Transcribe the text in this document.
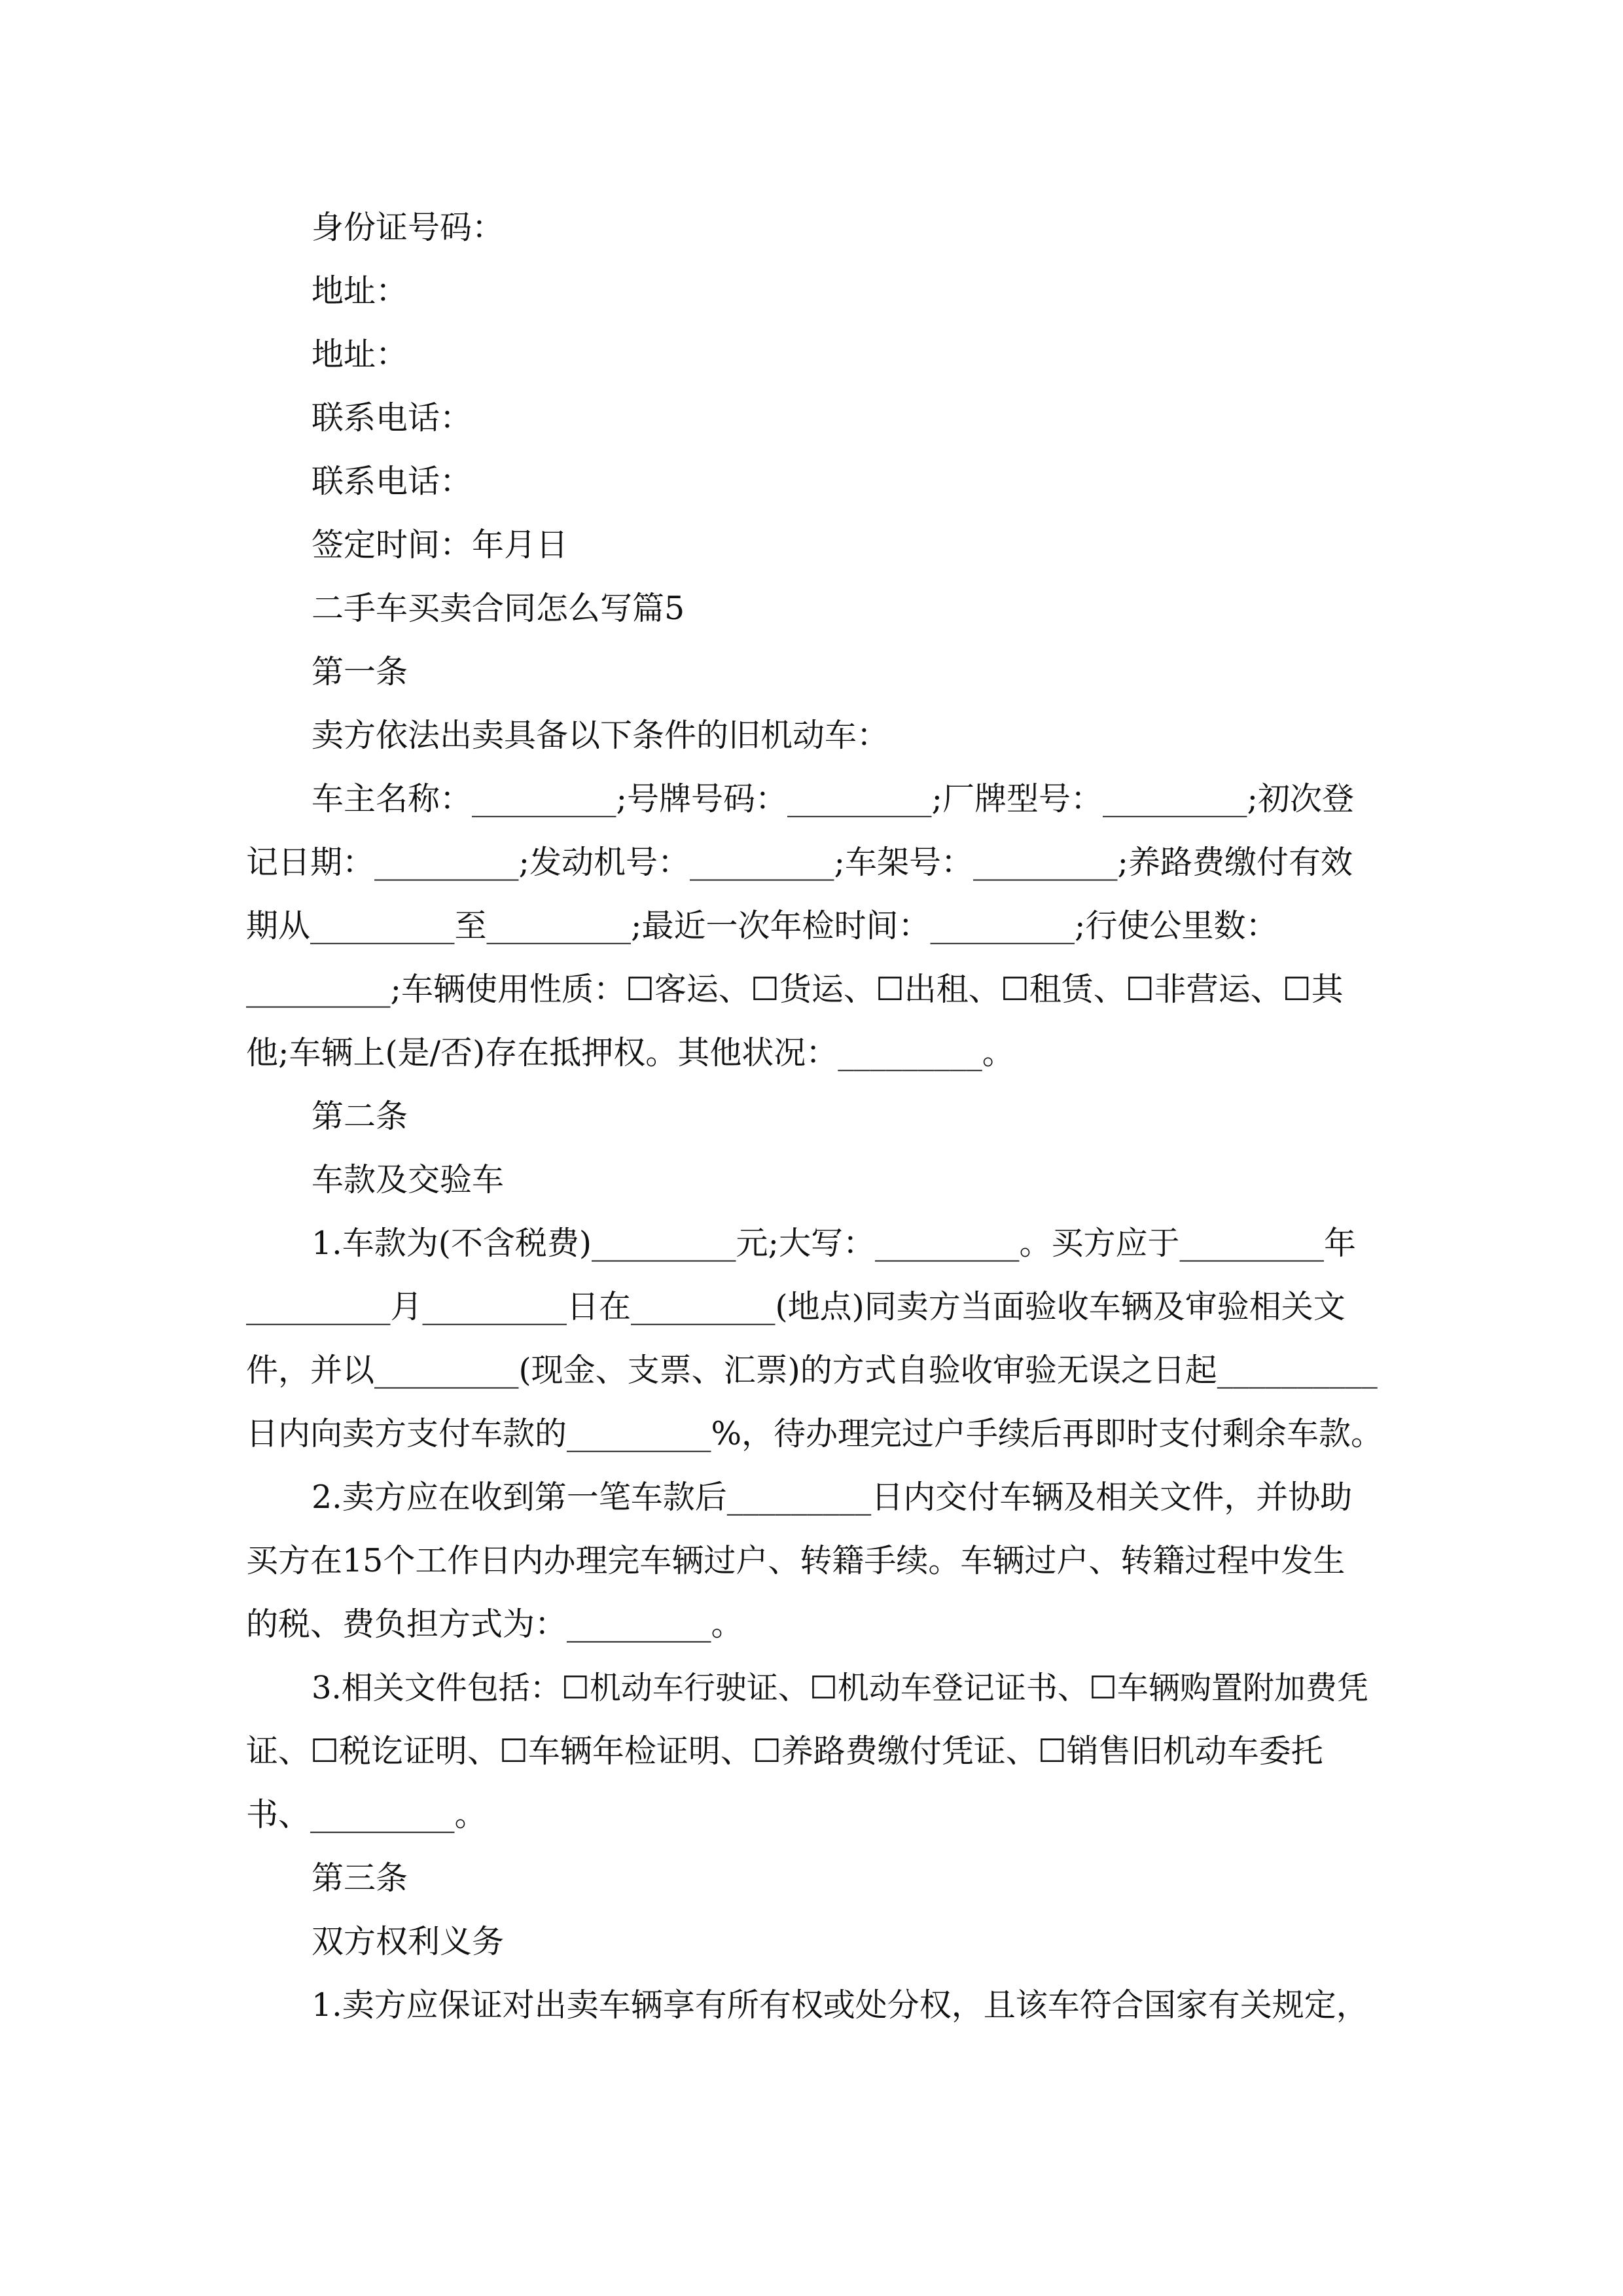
身份证号码：
地址：
地址：
联系电话：
联系电话：
签定时间：年月日
二手车买卖合同怎么写篇5
第一条
卖方依法出卖具备以下条件的旧机动车：
车主名称：_________;号牌号码：_________;厂牌型号：_________;初次登
记日期：_________;发动机号：_________;车架号：_________;养路费缴付有效
期从_________至_________;最近一次年检时间：_________;行使公里数：
_________;车辆使用性质：☐客运、☐货运、☐出租、☐租赁、☐非营运、☐其
他;车辆上(是/否)存在抵押权。其他状况：_________。
第二条
车款及交验车
1.车款为(不含税费)_________元;大写：_________。买方应于_________年
_________月_________日在_________(地点)同卖方当面验收车辆及审验相关文
件，并以_________(现金、支票、汇票)的方式自验收审验无误之日起__________
日内向卖方支付车款的_________%，待办理完过户手续后再即时支付剩余车款。
2.卖方应在收到第一笔车款后_________日内交付车辆及相关文件，并协助
买方在15个工作日内办理完车辆过户、转籍手续。车辆过户、转籍过程中发生
的税、费负担方式为：_________。
3.相关文件包括：☐机动车行驶证、☐机动车登记证书、☐车辆购置附加费凭
证、☐税讫证明、☐车辆年检证明、☐养路费缴付凭证、☐销售旧机动车委托
书、_________。
第三条
双方权利义务
1.卖方应保证对出卖车辆享有所有权或处分权，且该车符合国家有关规定，
